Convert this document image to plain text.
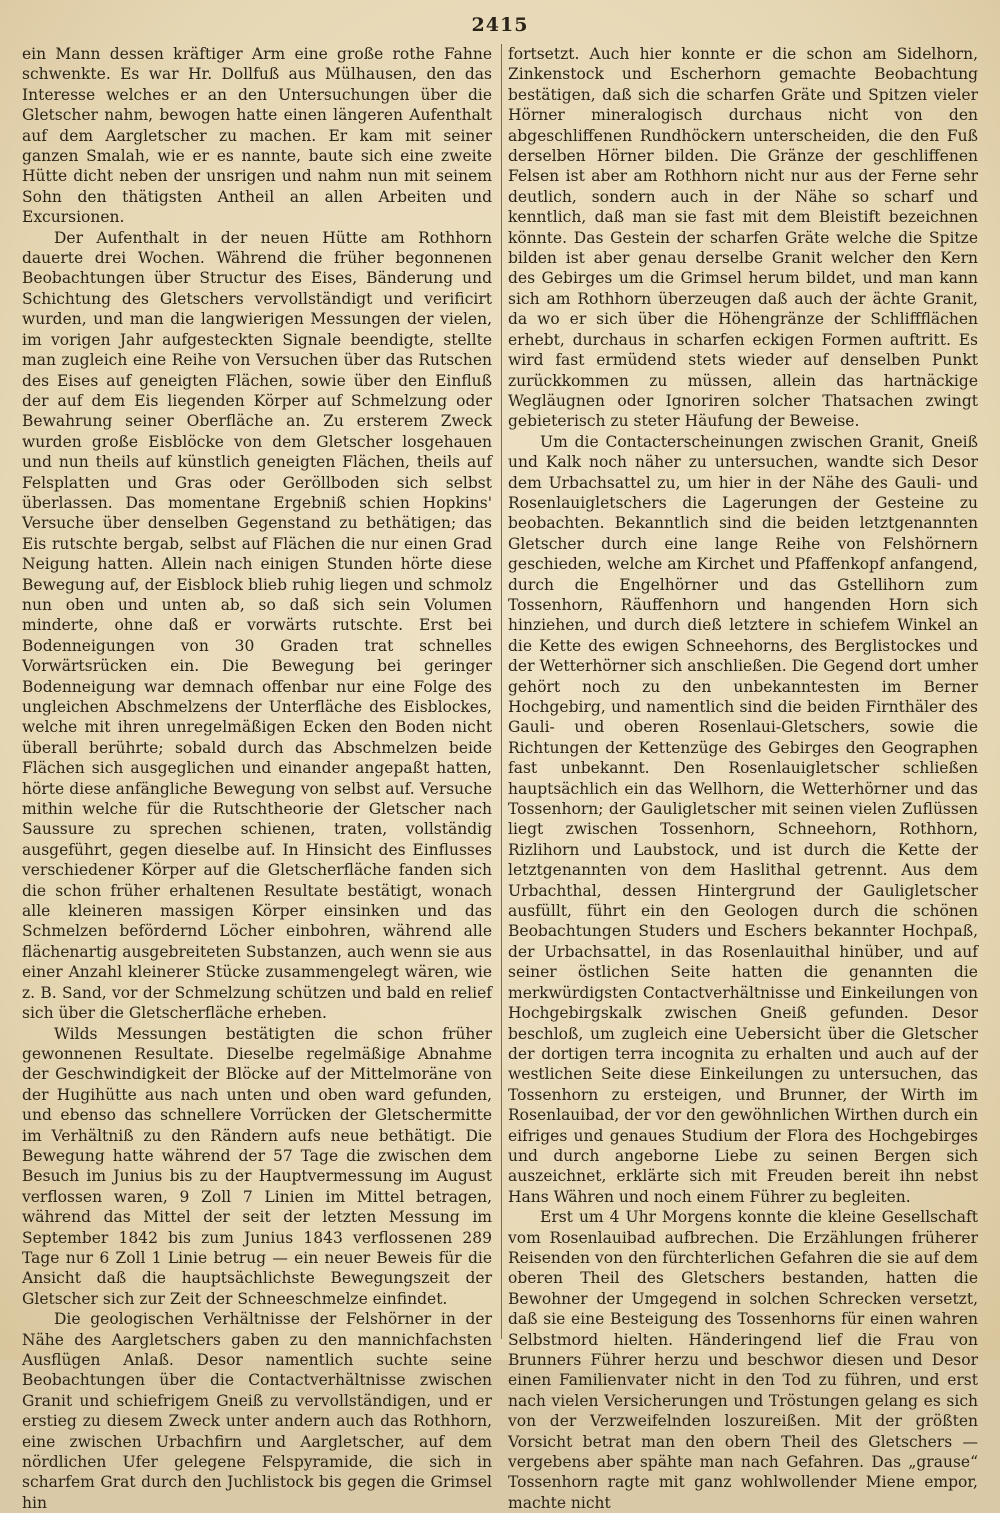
2415

ein Mann dessen kräftiger Arm eine große rothe Fahne schwenkte. Es war Hr. Dollfuß aus Mülhausen, den das Interesse welches er an den Untersuchungen über die Gletscher nahm, bewogen hatte einen längeren Aufenthalt auf dem Aargletscher zu machen. Er kam mit seiner ganzen Smalah, wie er es nannte, baute sich eine zweite Hütte dicht neben der unsrigen und nahm nun mit seinem Sohn den thätigsten Antheil an allen Arbeiten und Excursionen.

Der Aufenthalt in der neuen Hütte am Rothhorn dauerte drei Wochen. Während die früher begonnenen Beobachtungen über Structur des Eises, Bänderung und Schichtung des Gletschers vervollständigt und verificirt wurden, und man die langwierigen Messungen der vielen, im vorigen Jahr aufgesteckten Signale beendigte, stellte man zugleich eine Reihe von Versuchen über das Rutschen des Eises auf geneigten Flächen, sowie über den Einfluß der auf dem Eis liegenden Körper auf Schmelzung oder Bewahrung seiner Oberfläche an. Zu ersterem Zweck wurden große Eisblöcke von dem Gletscher losgehauen und nun theils auf künstlich geneigten Flächen, theils auf Felsplatten und Gras oder Geröllboden sich selbst überlassen. Das momentane Ergebniß schien Hopkins' Versuche über denselben Gegenstand zu bethätigen; das Eis rutschte bergab, selbst auf Flächen die nur einen Grad Neigung hatten. Allein nach einigen Stunden hörte diese Bewegung auf, der Eisblock blieb ruhig liegen und schmolz nun oben und unten ab, so daß sich sein Volumen minderte, ohne daß er vorwärts rutschte. Erst bei Bodenneigungen von 30 Graden trat schnelles Vorwärtsrücken ein. Die Bewegung bei geringer Bodenneigung war demnach offenbar nur eine Folge des ungleichen Abschmelzens der Unterfläche des Eisblockes, welche mit ihren unregelmäßigen Ecken den Boden nicht überall berührte; sobald durch das Abschmelzen beide Flächen sich ausgeglichen und einander angepaßt hatten, hörte diese anfängliche Bewegung von selbst auf. Versuche mithin welche für die Rutschtheorie der Gletscher nach Saussure zu sprechen schienen, traten, vollständig ausgeführt, gegen dieselbe auf. In Hinsicht des Einflusses verschiedener Körper auf die Gletscherfläche fanden sich die schon früher erhaltenen Resultate bestätigt, wonach alle kleineren massigen Körper einsinken und das Schmelzen befördernd Löcher einbohren, während alle flächenartig ausgebreiteten Substanzen, auch wenn sie aus einer Anzahl kleinerer Stücke zusammengelegt wären, wie z. B. Sand, vor der Schmelzung schützen und bald en relief sich über die Gletscherfläche erheben.

Wilds Messungen bestätigten die schon früher gewonnenen Resultate. Dieselbe regelmäßige Abnahme der Geschwindigkeit der Blöcke auf der Mittelmoräne von der Hugihütte aus nach unten und oben ward gefunden, und ebenso das schnellere Vorrücken der Gletschermitte im Verhältniß zu den Rändern aufs neue bethätigt. Die Bewegung hatte während der 57 Tage die zwischen dem Besuch im Junius bis zu der Hauptvermessung im August verflossen waren, 9 Zoll 7 Linien im Mittel betragen, während das Mittel der seit der letzten Messung im September 1842 bis zum Junius 1843 verflossenen 289 Tage nur 6 Zoll 1 Linie betrug — ein neuer Beweis für die Ansicht daß die hauptsächlichste Bewegungszeit der Gletscher sich zur Zeit der Schneeschmelze einfindet.

Die geologischen Verhältnisse der Felshörner in der Nähe des Aargletschers gaben zu den mannichfachsten Ausflügen Anlaß. Desor namentlich suchte seine Beobachtungen über die Contactverhältnisse zwischen Granit und schiefrigem Gneiß zu vervollständigen, und er erstieg zu diesem Zweck unter andern auch das Rothhorn, eine zwischen Urbachfirn und Aargletscher, auf dem nördlichen Ufer gelegene Felspyramide, die sich in scharfem Grat durch den Juchlistock bis gegen die Grimsel hin

fortsetzt. Auch hier konnte er die schon am Sidelhorn, Zinkenstock und Escherhorn gemachte Beobachtung bestätigen, daß sich die scharfen Gräte und Spitzen vieler Hörner mineralogisch durchaus nicht von den abgeschliffenen Rundhöckern unterscheiden, die den Fuß derselben Hörner bilden. Die Gränze der geschliffenen Felsen ist aber am Rothhorn nicht nur aus der Ferne sehr deutlich, sondern auch in der Nähe so scharf und kenntlich, daß man sie fast mit dem Bleistift bezeichnen könnte. Das Gestein der scharfen Gräte welche die Spitze bilden ist aber genau derselbe Granit welcher den Kern des Gebirges um die Grimsel herum bildet, und man kann sich am Rothhorn überzeugen daß auch der ächte Granit, da wo er sich über die Höhengränze der Schliffflächen erhebt, durchaus in scharfen eckigen Formen auftritt. Es wird fast ermüdend stets wieder auf denselben Punkt zurückkommen zu müssen, allein das hartnäckige Wegläugnen oder Ignoriren solcher Thatsachen zwingt gebieterisch zu steter Häufung der Beweise.

Um die Contacterscheinungen zwischen Granit, Gneiß und Kalk noch näher zu untersuchen, wandte sich Desor dem Urbachsattel zu, um hier in der Nähe des Gauli- und Rosenlauigletschers die Lagerungen der Gesteine zu beobachten. Bekanntlich sind die beiden letztgenannten Gletscher durch eine lange Reihe von Felshörnern geschieden, welche am Kirchet und Pfaffenkopf anfangend, durch die Engelhörner und das Gstellihorn zum Tossenhorn, Räuffenhorn und hangenden Horn sich hinziehen, und durch dieß letztere in schiefem Winkel an die Kette des ewigen Schneehorns, des Berglistockes und der Wetterhörner sich anschließen. Die Gegend dort umher gehört noch zu den unbekanntesten im Berner Hochgebirg, und namentlich sind die beiden Firnthäler des Gauli- und oberen Rosenlaui-Gletschers, sowie die Richtungen der Kettenzüge des Gebirges den Geographen fast unbekannt. Den Rosenlauigletscher schließen hauptsächlich ein das Wellhorn, die Wetterhörner und das Tossenhorn; der Gauligletscher mit seinen vielen Zuflüssen liegt zwischen Tossenhorn, Schneehorn, Rothhorn, Rizlihorn und Laubstock, und ist durch die Kette der letztgenannten von dem Haslithal getrennt. Aus dem Urbachthal, dessen Hintergrund der Gauligletscher ausfüllt, führt ein den Geologen durch die schönen Beobachtungen Studers und Eschers bekannter Hochpaß, der Urbachsattel, in das Rosenlauithal hinüber, und auf seiner östlichen Seite hatten die genannten die merkwürdigsten Contactverhältnisse und Einkeilungen von Hochgebirgskalk zwischen Gneiß gefunden. Desor beschloß, um zugleich eine Uebersicht über die Gletscher der dortigen terra incognita zu erhalten und auch auf der westlichen Seite diese Einkeilungen zu untersuchen, das Tossenhorn zu ersteigen, und Brunner, der Wirth im Rosenlauibad, der vor den gewöhnlichen Wirthen durch ein eifriges und genaues Studium der Flora des Hochgebirges und durch angeborne Liebe zu seinen Bergen sich auszeichnet, erklärte sich mit Freuden bereit ihn nebst Hans Währen und noch einem Führer zu begleiten.

Erst um 4 Uhr Morgens konnte die kleine Gesellschaft vom Rosenlauibad aufbrechen. Die Erzählungen früherer Reisenden von den fürchterlichen Gefahren die sie auf dem oberen Theil des Gletschers bestanden, hatten die Bewohner der Umgegend in solchen Schrecken versetzt, daß sie eine Besteigung des Tossenhorns für einen wahren Selbstmord hielten. Händeringend lief die Frau von Brunners Führer herzu und beschwor diesen und Desor einen Familienvater nicht in den Tod zu führen, und erst nach vielen Versicherungen und Tröstungen gelang es sich von der Verzweifelnden loszureißen. Mit der größten Vorsicht betrat man den obern Theil des Gletschers — vergebens aber spähte man nach Gefahren. Das „grause“ Tossenhorn ragte mit ganz wohlwollender Miene empor, machte nicht
